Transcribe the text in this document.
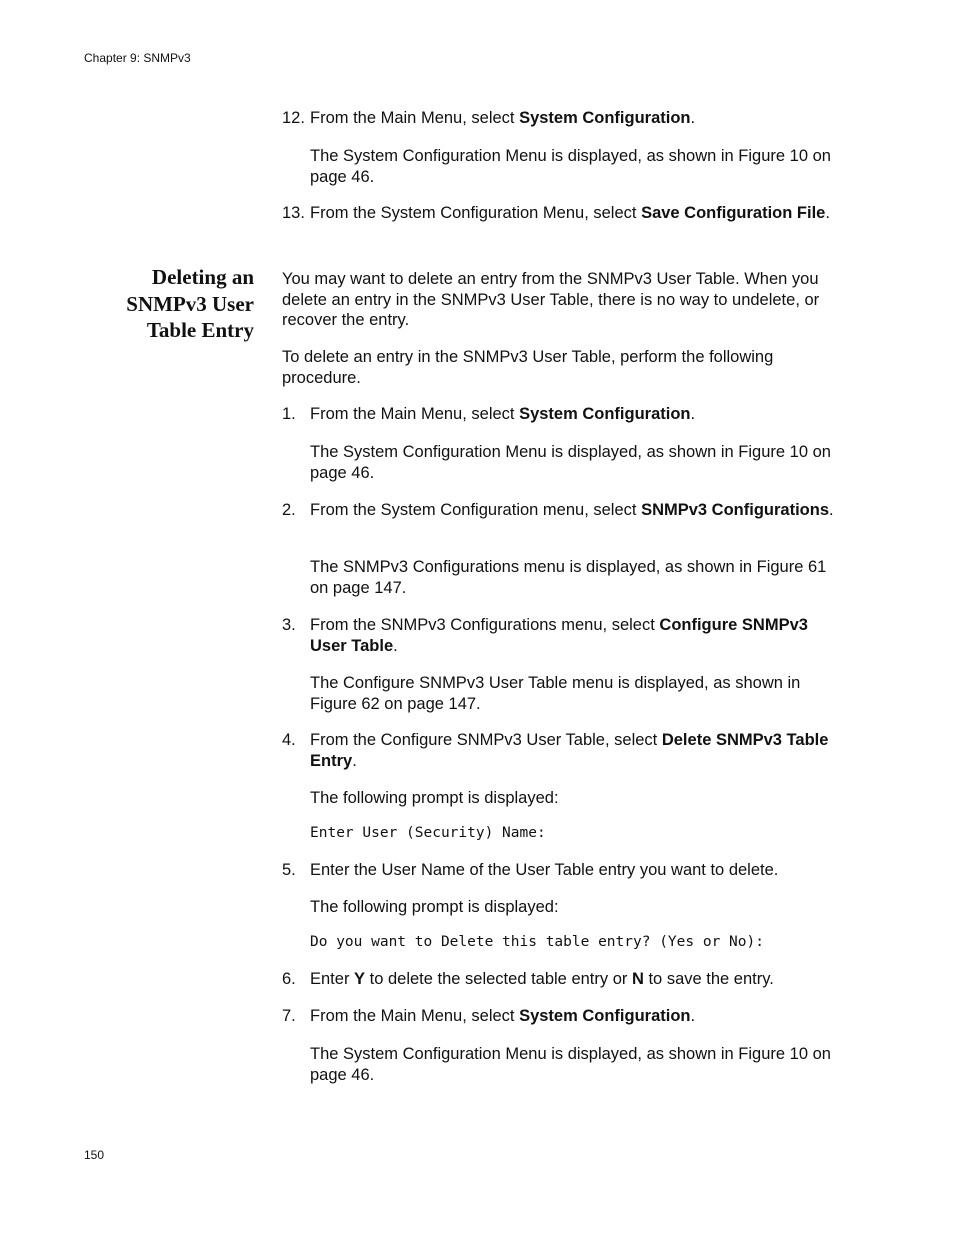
Chapter 9: SNMPv3
12. From the Main Menu, select System Configuration.
The System Configuration Menu is displayed, as shown in Figure 10 on page 46.
13. From the System Configuration Menu, select Save Configuration File.
Deleting an
SNMPv3 User
Table Entry
You may want to delete an entry from the SNMPv3 User Table. When you delete an entry in the SNMPv3 User Table, there is no way to undelete, or recover the entry.
To delete an entry in the SNMPv3 User Table, perform the following procedure.
1. From the Main Menu, select System Configuration.
The System Configuration Menu is displayed, as shown in Figure 10 on page 46.
2. From the System Configuration menu, select SNMPv3 Configurations.
The SNMPv3 Configurations menu is displayed, as shown in Figure 61 on page 147.
3. From the SNMPv3 Configurations menu, select Configure SNMPv3 User Table.
The Configure SNMPv3 User Table menu is displayed, as shown in Figure 62 on page 147.
4. From the Configure SNMPv3 User Table, select Delete SNMPv3 Table Entry.
The following prompt is displayed:
Enter User (Security) Name:
5. Enter the User Name of the User Table entry you want to delete.
The following prompt is displayed:
Do you want to Delete this table entry? (Yes or No):
6. Enter Y to delete the selected table entry or N to save the entry.
7. From the Main Menu, select System Configuration.
The System Configuration Menu is displayed, as shown in Figure 10 on page 46.
150
